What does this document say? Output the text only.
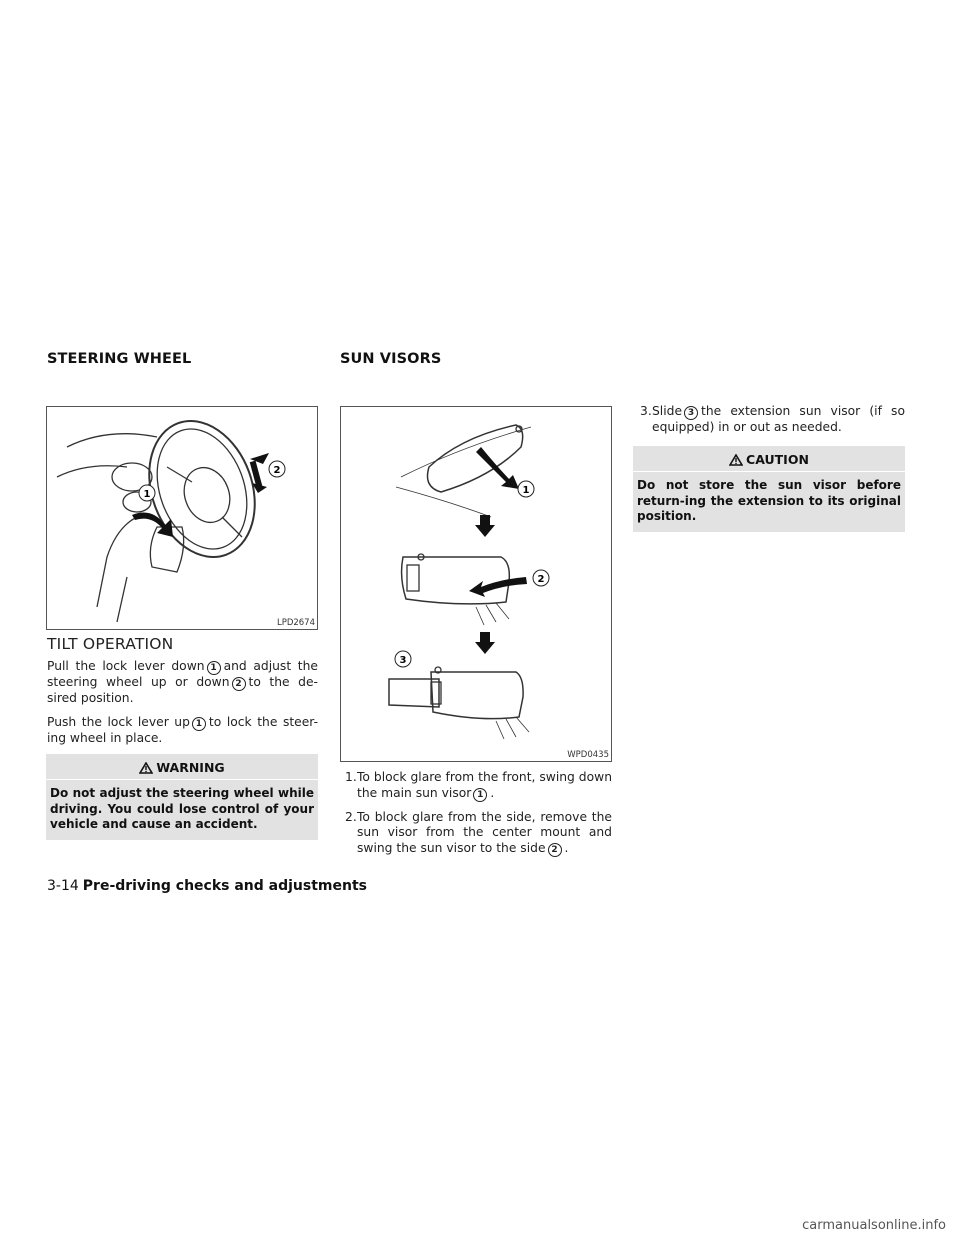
STEERING WHEEL	SUN VISORS
1
2
LPD2674
TILT OPERATION

Pull the lock lever down 1 and adjust the steering wheel up or down 2 to the de-sired position.

Push the lock lever up 1 to lock the steer-ing wheel in place.

WARNING
Do not adjust the steering wheel while driving. You could lose control of your vehicle and cause an accident.
1
2
3
WPD0435
1. To block glare from the front, swing down the main sun visor 1 .
2. To block glare from the side, remove the sun visor from the center mount and swing the sun visor to the side 2 .
3. Slide 3 the extension sun visor (if so equipped) in or out as needed.
CAUTION
Do not store the sun visor before return-ing the extension to its original position.
3-14 Pre-driving checks and adjustments
carmanualsonline.info
